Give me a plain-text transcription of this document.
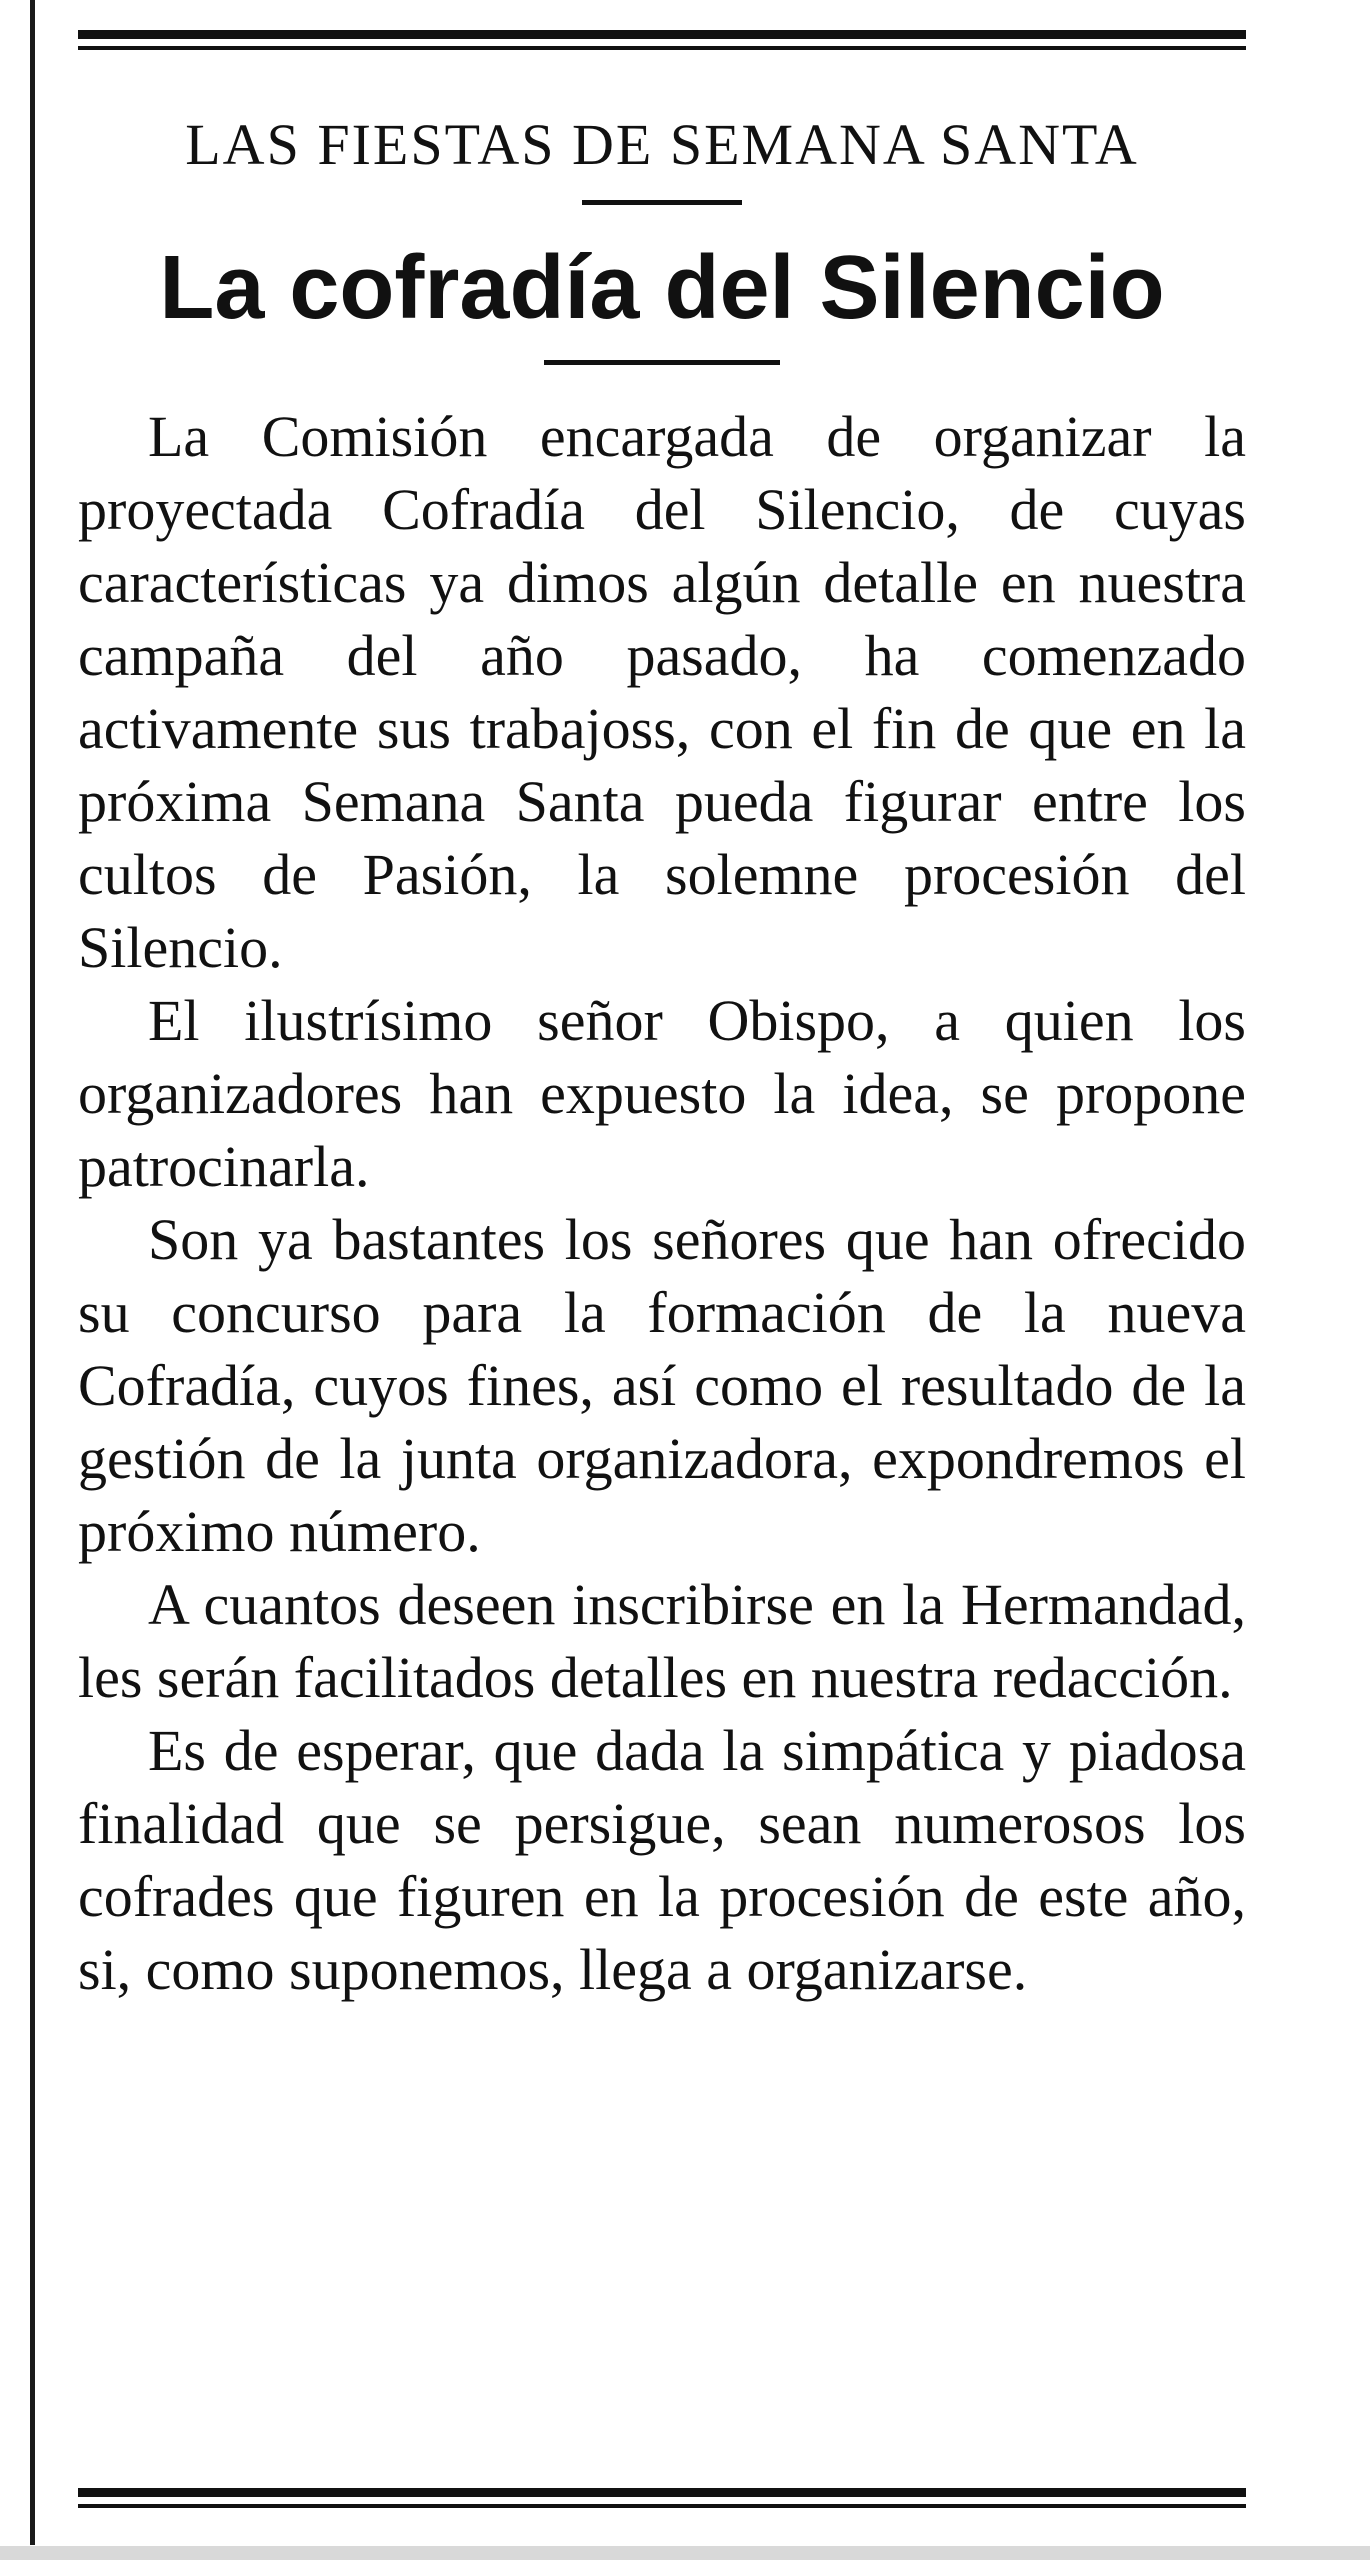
LAS FIESTAS DE SEMANA SANTA
La cofradía del Silencio

La Comisión encargada de organizar la proyectada Cofradía del Silencio, de cuyas características ya dimos algún detalle en nuestra campaña del año pasado, ha comenzado activamente sus trabajoss, con el fin de que en la próxima Semana Santa pueda figurar entre los cultos de Pasión, la solemne procesión del Silencio.

El ilustrísimo señor Obispo, a quien los organizadores han expuesto la idea, se propone patrocinarla.

Son ya bastantes los señores que han ofrecido su concurso para la formación de la nueva Cofradía, cuyos fines, así como el resultado de la gestión de la junta organizadora, expondremos el próximo número.

A cuantos deseen inscribirse en la Hermandad, les serán facilitados detalles en nuestra redacción.

Es de esperar, que dada la simpática y piadosa finalidad que se persigue, sean numerosos los cofrades que figuren en la procesión de este año, si, como suponemos, llega a organizarse.
